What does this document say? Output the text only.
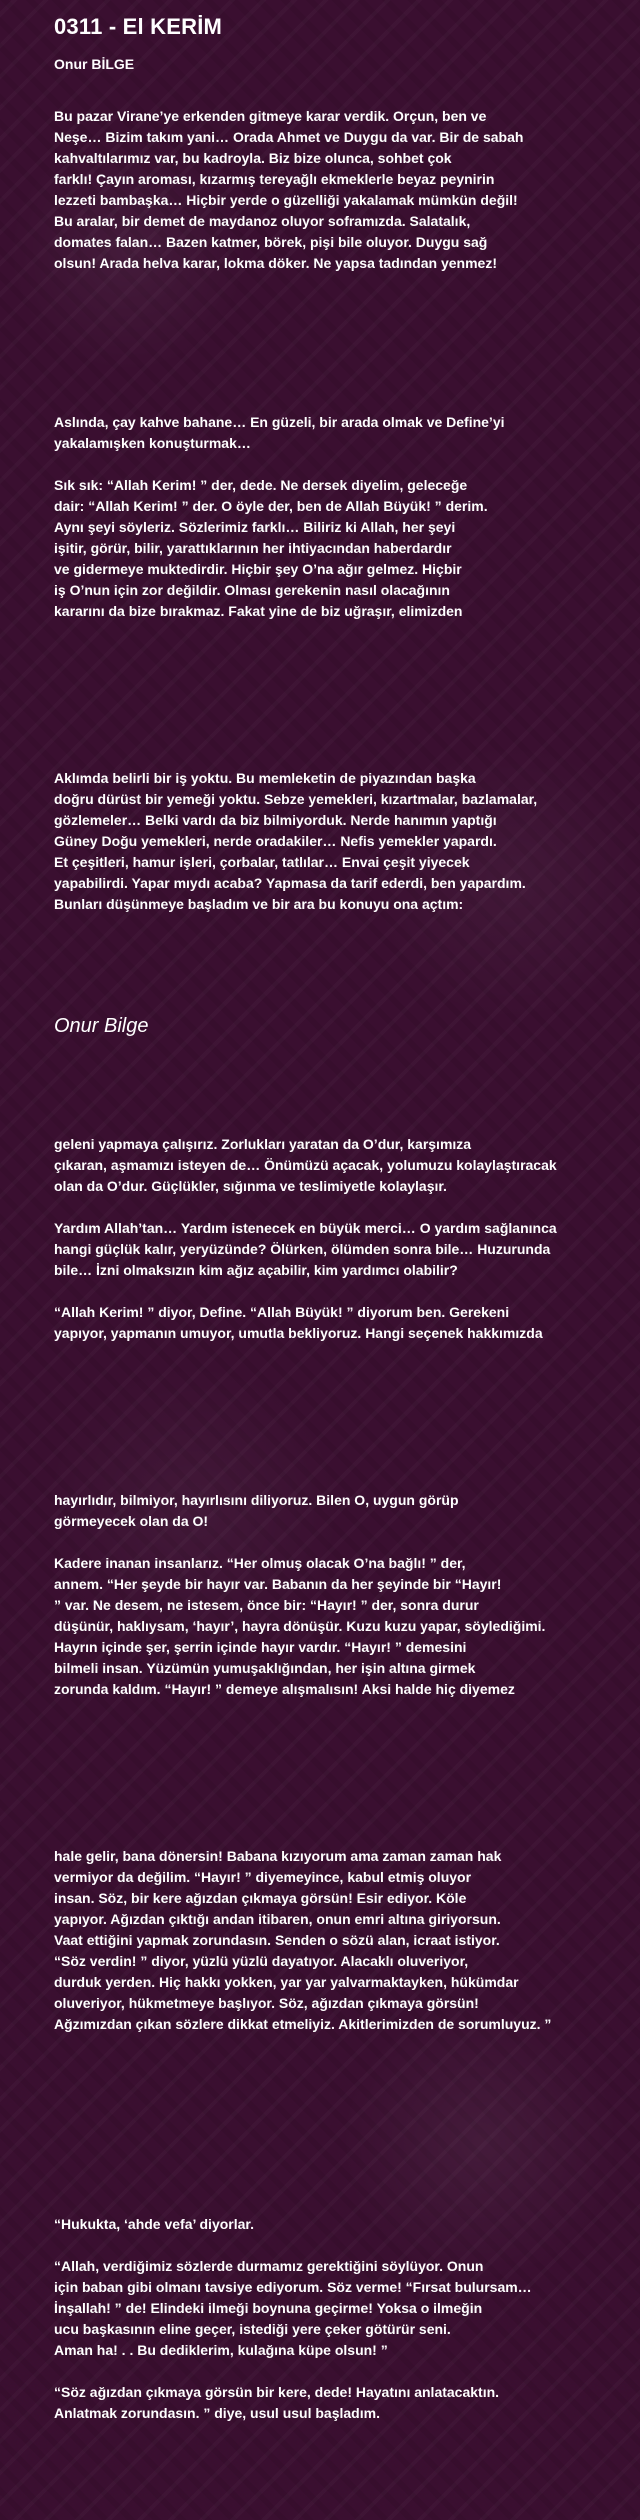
0311 - El KERİM
Onur BİLGE
Bu pazar Virane’ye erkenden gitmeye karar verdik. Orçun, ben ve
Neşe… Bizim takım yani… Orada Ahmet ve Duygu da var. Bir de sabah
kahvaltılarımız var, bu kadroyla. Biz bize olunca, sohbet çok
farklı! Çayın aroması, kızarmış tereyağlı ekmeklerle beyaz peynirin
lezzeti bambaşka… Hiçbir yerde o güzelliği yakalamak mümkün değil!
Bu aralar, bir demet de maydanoz oluyor soframızda. Salatalık,
domates falan… Bazen katmer, börek, pişi bile oluyor. Duygu sağ
olsun! Arada helva karar, lokma döker. Ne yapsa tadından yenmez!
Aslında, çay kahve bahane… En güzeli, bir arada olmak ve Define’yi
yakalamışken konuşturmak…
Sık sık: “Allah Kerim! ” der, dede. Ne dersek diyelim, geleceğe
dair: “Allah Kerim! ” der. O öyle der, ben de Allah Büyük! ” derim.
Aynı şeyi söyleriz. Sözlerimiz farklı… Biliriz ki Allah, her şeyi
işitir, görür, bilir, yarattıklarının her ihtiyacından haberdardır
ve gidermeye muktedirdir. Hiçbir şey O’na ağır gelmez. Hiçbir
iş O’nun için zor değildir. Olması gerekenin nasıl olacağının
kararını da bize bırakmaz. Fakat yine de biz uğraşır, elimizden
Aklımda belirli bir iş yoktu. Bu memleketin de piyazından başka
doğru dürüst bir yemeği yoktu. Sebze yemekleri, kızartmalar, bazlamalar,
gözlemeler… Belki vardı da biz bilmiyorduk. Nerde hanımın yaptığı
Güney Doğu yemekleri, nerde oradakiler… Nefis yemekler yapardı.
Et çeşitleri, hamur işleri, çorbalar, tatlılar… Envai çeşit yiyecek
yapabilirdi. Yapar mıydı acaba? Yapmasa da tarif ederdi, ben yapardım.
Bunları düşünmeye başladım ve bir ara bu konuyu ona açtım:
Onur Bilge
geleni yapmaya çalışırız. Zorlukları yaratan da O’dur, karşımıza
çıkaran, aşmamızı isteyen de… Önümüzü açacak, yolumuzu kolaylaştıracak
olan da O’dur. Güçlükler, sığınma ve teslimiyetle kolaylaşır.
Yardım Allah’tan… Yardım istenecek en büyük merci… O yardım sağlanınca
hangi güçlük kalır, yeryüzünde? Ölürken, ölümden sonra bile… Huzurunda
bile… İzni olmaksızın kim ağız açabilir, kim yardımcı olabilir?
“Allah Kerim! ” diyor, Define. “Allah Büyük! ” diyorum ben. Gerekeni
yapıyor, yapmanın umuyor, umutla bekliyoruz. Hangi seçenek hakkımızda
hayırlıdır, bilmiyor, hayırlısını diliyoruz. Bilen O, uygun görüp
görmeyecek olan da O!
Kadere inanan insanlarız. “Her olmuş olacak O’na bağlı! ” der,
annem. “Her şeyde bir hayır var. Babanın da her şeyinde bir “Hayır!
” var. Ne desem, ne istesem, önce bir: “Hayır! ” der, sonra durur
düşünür, haklıysam, ‘hayır’, hayra dönüşür. Kuzu kuzu yapar, söylediğimi.
Hayrın içinde şer, şerrin içinde hayır vardır. “Hayır! ” demesini
bilmeli insan. Yüzümün yumuşaklığından, her işin altına girmek
zorunda kaldım. “Hayır! ” demeye alışmalısın! Aksi halde hiç diyemez
hale gelir, bana dönersin! Babana kızıyorum ama zaman zaman hak
vermiyor da değilim. “Hayır! ” diyemeyince, kabul etmiş oluyor
insan. Söz, bir kere ağızdan çıkmaya görsün! Esir ediyor. Köle
yapıyor. Ağızdan çıktığı andan itibaren, onun emri altına giriyorsun.
Vaat ettiğini yapmak zorundasın. Senden o sözü alan, icraat istiyor.
“Söz verdin! ” diyor, yüzlü yüzlü dayatıyor. Alacaklı oluveriyor,
durduk yerden. Hiç hakkı yokken, yar yar yalvarmaktayken, hükümdar
oluveriyor, hükmetmeye başlıyor. Söz, ağızdan çıkmaya görsün!
Ağzımızdan çıkan sözlere dikkat etmeliyiz. Akitlerimizden de sorumluyuz. ”
“Hukukta, ‘ahde vefa’ diyorlar.
“Allah, verdiğimiz sözlerde durmamız gerektiğini söylüyor. Onun
için baban gibi olmanı tavsiye ediyorum. Söz verme! “Fırsat bulursam…
İnşallah! ” de! Elindeki ilmeği boynuna geçirme! Yoksa o ilmeğin
ucu başkasının eline geçer, istediği yere çeker götürür seni.
Aman ha! . . Bu dediklerim, kulağına küpe olsun! ”
“Söz ağızdan çıkmaya görsün bir kere, dede! Hayatını anlatacaktın.
Anlatmak zorundasın. ” diye, usul usul başladım.
